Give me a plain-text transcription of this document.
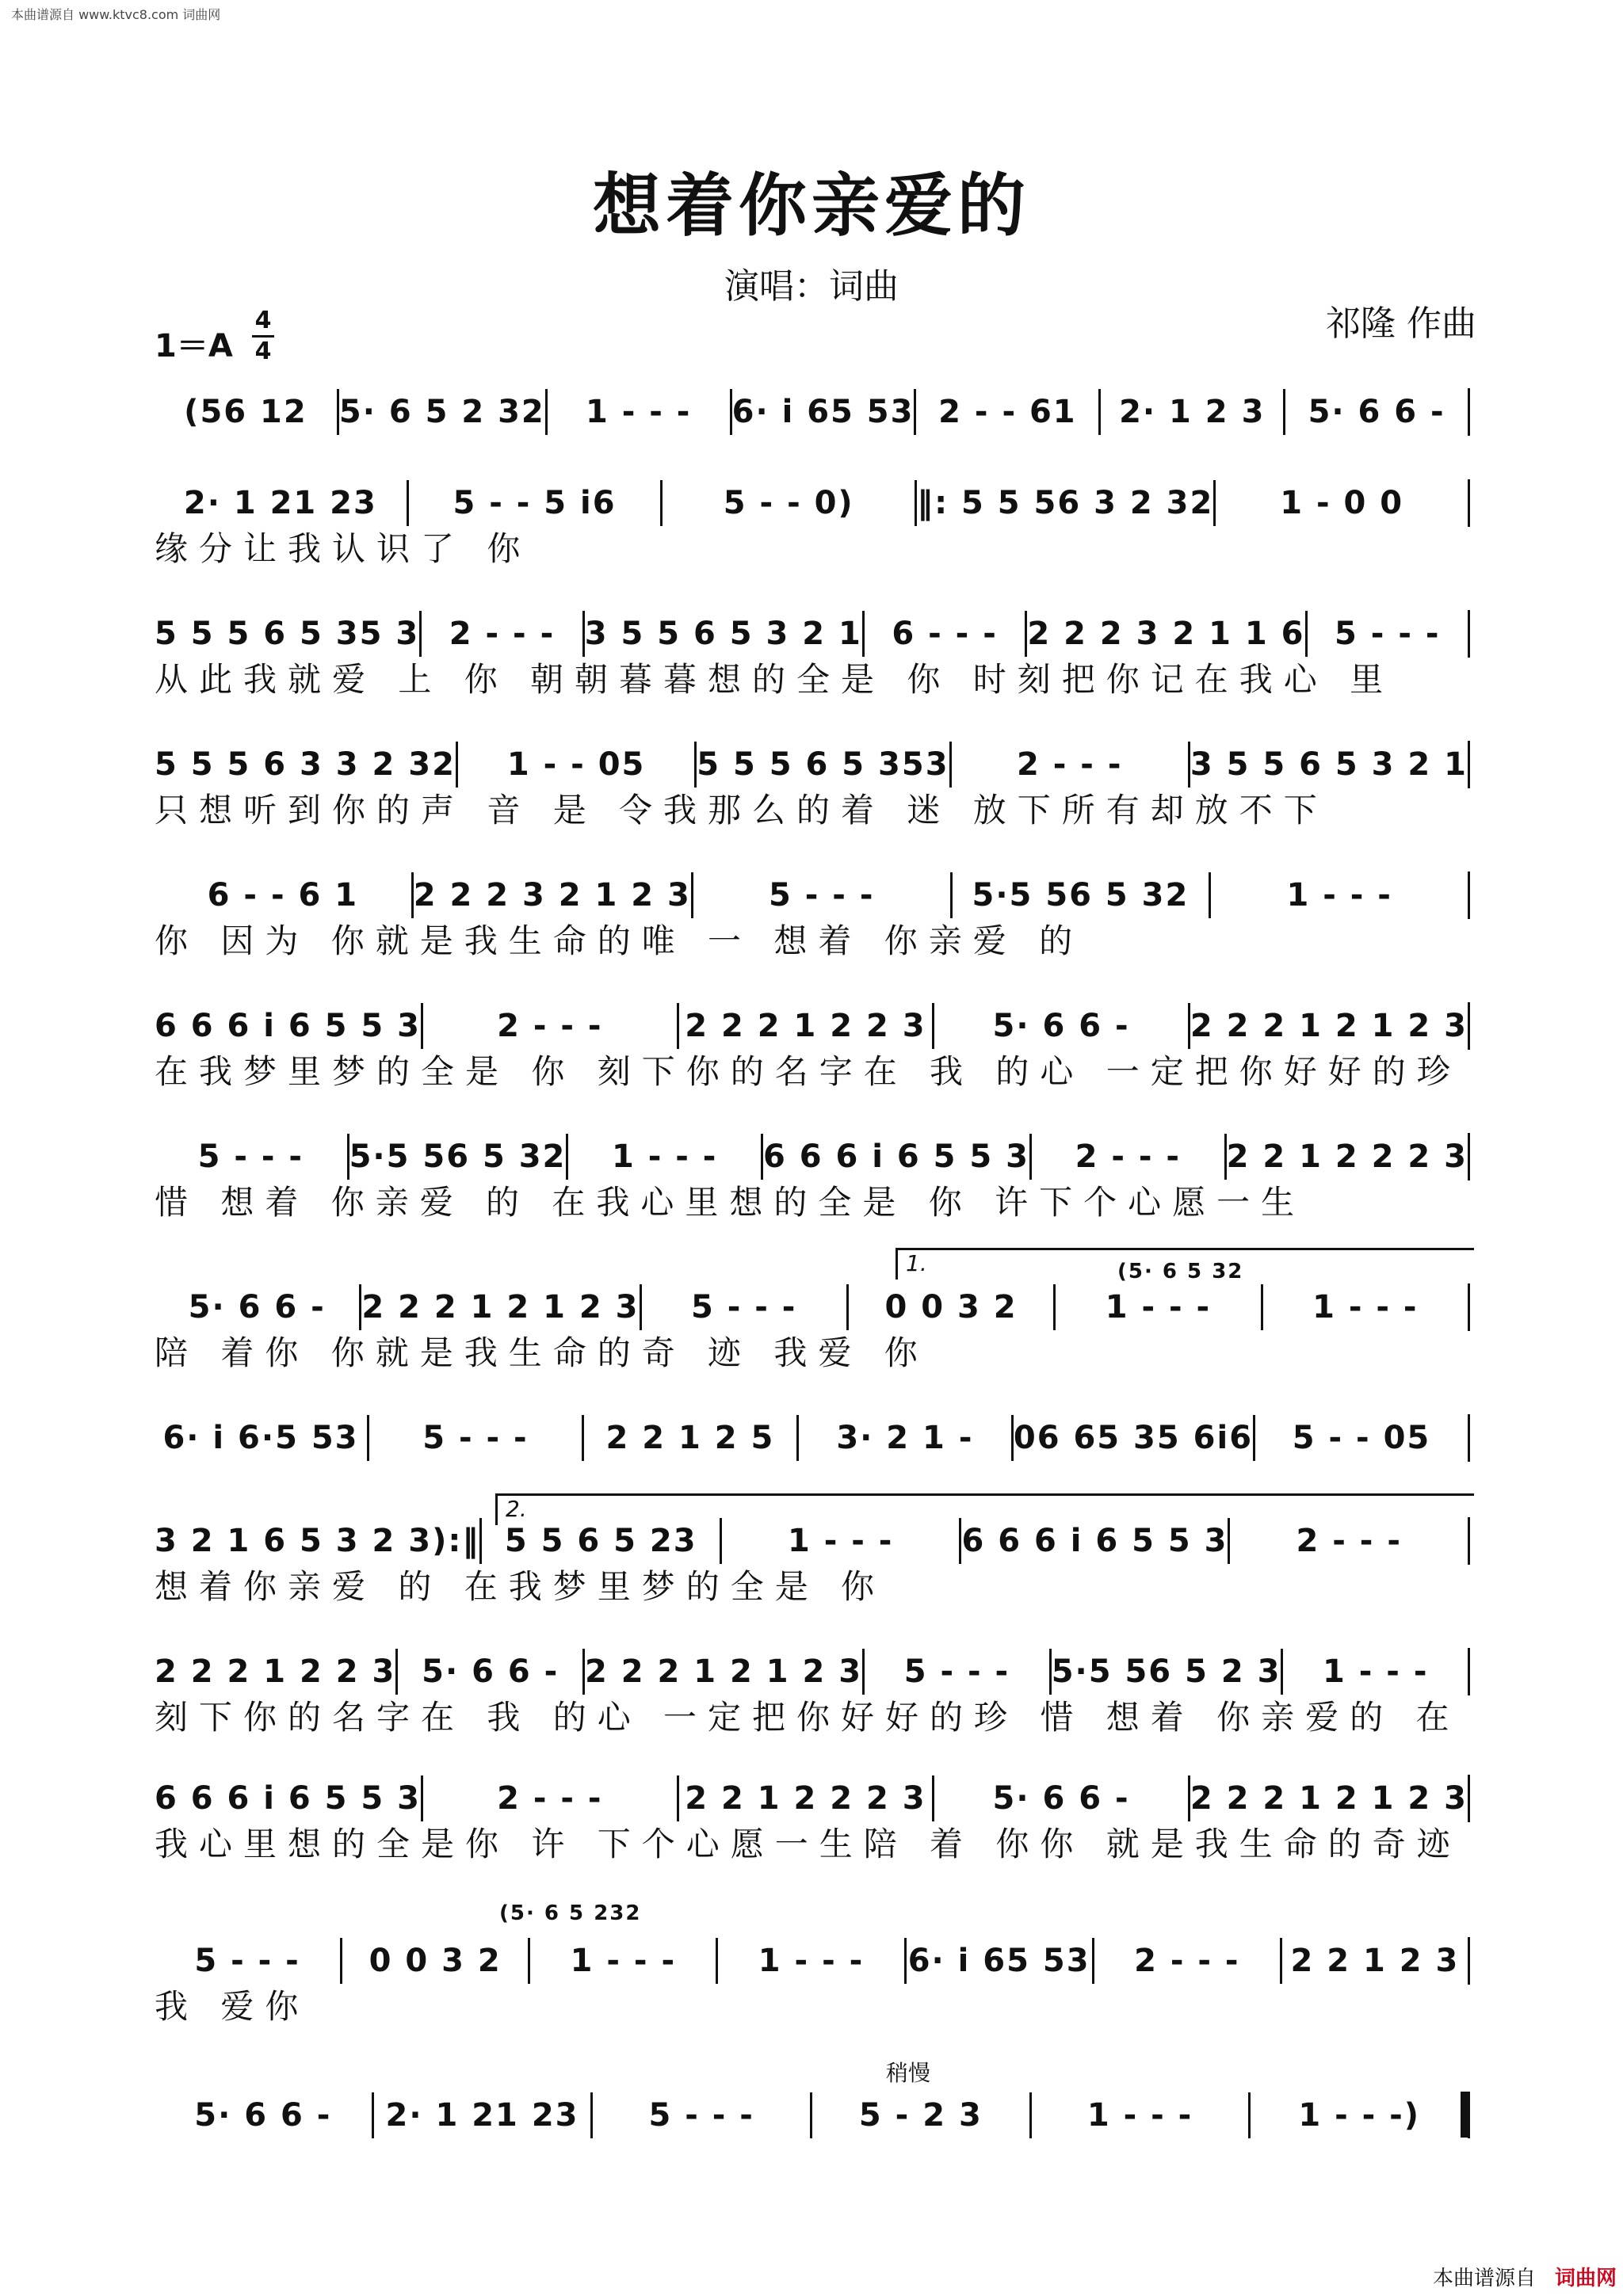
本曲谱源自 www.ktvc8.com 词曲网
想着你亲爱的
演唱：词曲
祁隆 作曲
1＝A
4
4
(56 12	5· 6 5 2 32	1 - - -	6· i 65 53 2 - - 61	2· 1 2 3	5· 6 6 -
2· 1 21 23	5 - - 5 i6	5 - - 0)	‖: 5 5 56 3 2 32	1 - 0 0
缘分让我认识了 你
5 5 5 6 5 35 3 2 - - - 3 5 5 6 5 3 2 1 6 - - - 2 2 2 3 2 1 1 6 5 - - -
从此我就爱 上 你 朝朝暮暮想的全是 你 时刻把你记在我心 里
5 5 5 6 3 3 2 32	1 - - 05	5 5 5 6 5 353	2 - - -	3 5 5 6 5 3 2 1
只想听到你的声 音 是 令我那么的着 迷 放下所有却放不下
6 - - 6 1	2 2 2 3 2 1 2 3	5 - - -	5·5 56 5 32	1 - - -
你 因为 你就是我生命的唯 一 想着 你亲爱 的
6 6 6 i 6 5 5 3	2 - - -	2 2 2 1 2 2 3	5· 6 6 -	2 2 2 1 2 1 2 3
在我梦里梦的全是 你 刻下你的名字在 我 的心 一定把你好好的珍
5 - - -	5·5 56 5 32	1 - - -	6 6 6 i 6 5 5 3	2 - - -	2 2 1 2 2 2 3
惜 想着 你亲爱 的 在我心里想的全是 你 许下个心愿一生
5· 6 6 -	2 2 2 1 2 1 2 3	5 - - -	0 0 3 2	1 - - -	1 - - -
陪 着你 你就是我生命的奇 迹 我爱 你
6· i 6·5 53	5 - - -	2 2 1 2 5	3· 2 1 -	06 65 35 6i6	5 - - 05
3 2 1 6 5 3 2 3):‖ 5 5 6 5 23	1 - - -	6 6 6 i 6 5 5 3	2 - - -
想着你亲爱 的 在我梦里梦的全是 你
2 2 2 1 2 2 3 5· 6 6 - 2 2 2 1 2 1 2 3	5 - - -	5·5 56 5 2 3	1 - - -
刻下你的名字在 我 的心 一定把你好好的珍 惜 想着 你亲爱的 在
6 6 6 i 6 5 5 3	2 - - -	2 2 1 2 2 2 3	5· 6 6 -	2 2 2 1 2 1 2 3
我心里想的全是你 许 下个心愿一生陪 着 你你 就是我生命的奇迹
5 - - -	0 0 3 2	1 - - -	1 - - -	6· i 65 53	2 - - -	2 2 1 2 3
我 爱你
5· 6 6 -	2· 1 21 23	5 - - -	5 - 2 3	1 - - -	1 - - -)
1.	(5· 6 5 32
2.
(5· 6 5 232
稍慢
本曲谱源自 词曲网
